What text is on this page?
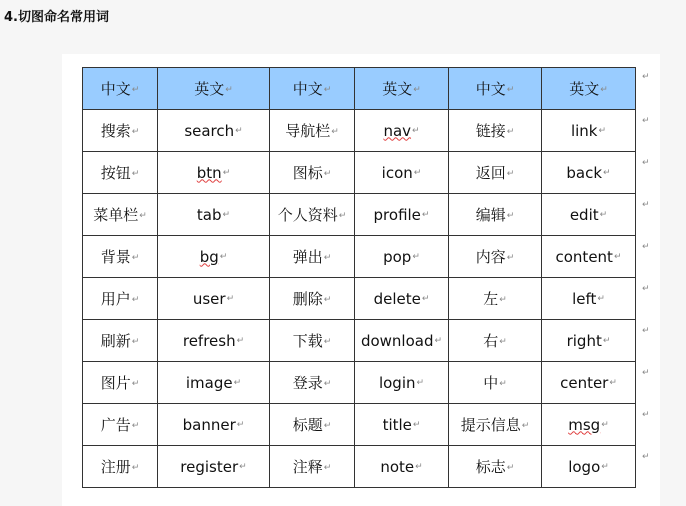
4.切图命名常用词
中文↵	英文↵	中文↵	英文↵	中文↵	英文↵
搜索↵	search↵	导航栏↵	nav↵	链接↵	link↵
按钮↵	btn↵	图标↵	icon↵	返回↵	back↵
菜单栏↵	tab↵	个人资料↵	profile↵	编辑↵	edit↵
背景↵	bg↵	弹出↵	pop↵	内容↵	content↵
用户↵	user↵	删除↵	delete↵	左↵	left↵
刷新↵	refresh↵	下载↵	download↵	右↵	right↵
图片↵	image↵	登录↵	login↵	中↵	center↵
广告↵	banner↵	标题↵	title↵	提示信息↵	msg↵
注册↵	register↵	注释↵	note↵	标志↵	logo↵
↵
↵
↵
↵
↵
↵
↵
↵
↵
↵
